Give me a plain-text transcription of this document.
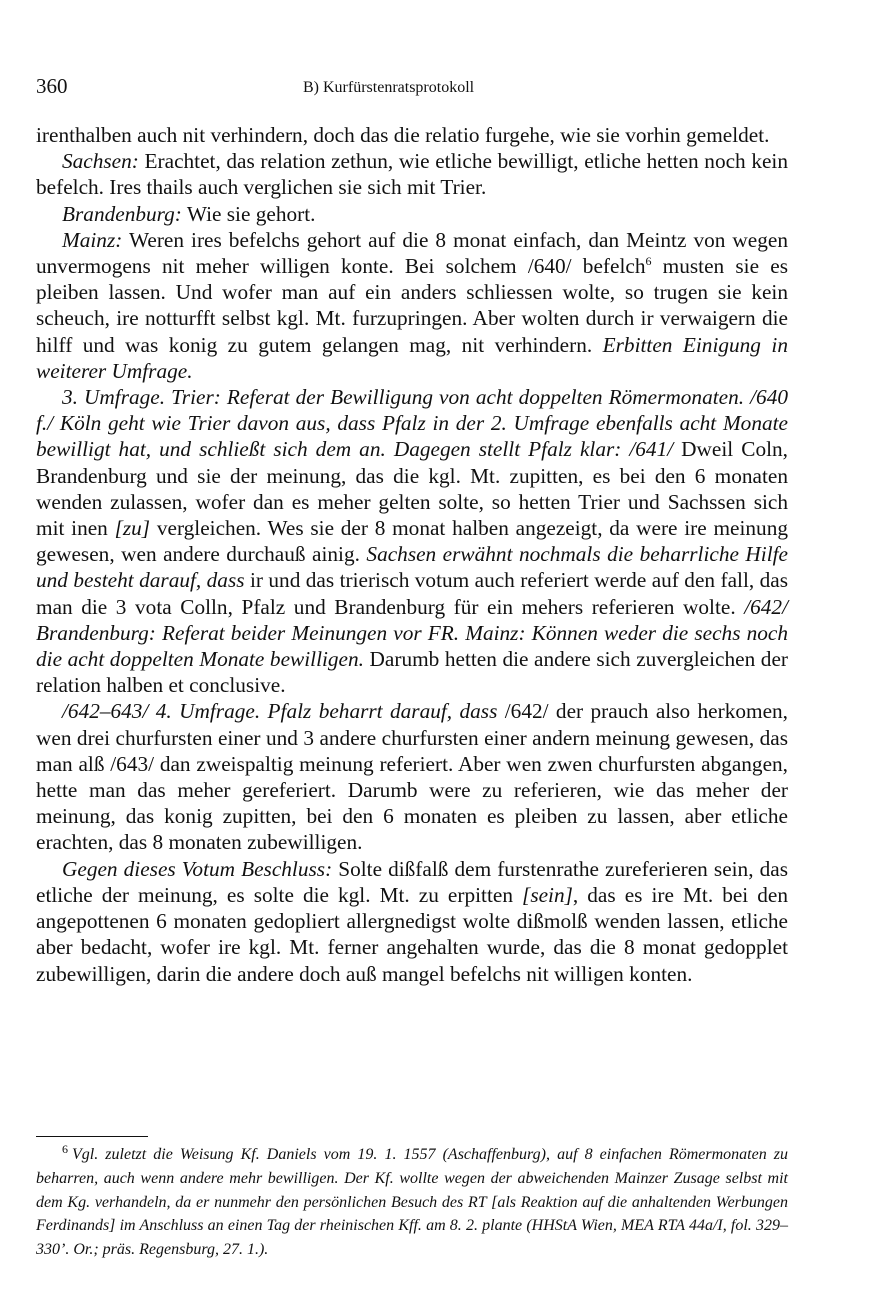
360	B) Kurfürstenratsprotokoll

irenthalben auch nit verhindern, doch das die relatio furgehe, wie sie vorhin gemeldet.

Sachsen: Erachtet, das relation zethun, wie etliche bewilligt, etliche hetten noch kein befelch. Ires thails auch verglichen sie sich mit Trier.

Brandenburg: Wie sie gehort.

Mainz: Weren ires befelchs gehort auf die 8 monat einfach, dan Meintz von wegen unvermogens nit meher willigen konte. Bei solchem /640/ befelch$^6$ musten sie es pleiben lassen. Und wofer man auf ein anders schliessen wolte, so trugen sie kein scheuch, ire notturfft selbst kgl. Mt. furzupringen. Aber wolten durch ir verwaigern die hilff und was konig zu gutem gelangen mag, nit verhindern. Erbitten Einigung in weiterer Umfrage.

3. Umfrage. Trier: Referat der Bewilligung von acht doppelten Römermonaten. /640 f./ Köln geht wie Trier davon aus, dass Pfalz in der 2. Umfrage ebenfalls acht Monate bewilligt hat, und schließt sich dem an. Dagegen stellt Pfalz klar: /641/ Dweil Coln, Brandenburg und sie der meinung, das die kgl. Mt. zupitten, es bei den 6 monaten wenden zulassen, wofer dan es meher gelten solte, so hetten Trier und Sachssen sich mit inen [zu] vergleichen. Wes sie der 8 monat halben angezeigt, da were ire meinung gewesen, wen andere durchauß ainig. Sachsen erwähnt nochmals die beharrliche Hilfe und besteht darauf, dass ir und das trierisch votum auch referiert werde auf den fall, das man die 3 vota Colln, Pfalz und Brandenburg für ein mehers referieren wolte. /642/ Brandenburg: Referat beider Meinungen vor FR. Mainz: Können weder die sechs noch die acht doppelten Monate bewilligen. Darumb hetten die andere sich zuvergleichen der relation halben et conclusive.

/642–643/ 4. Umfrage. Pfalz beharrt darauf, dass /642/ der prauch also herkomen, wen drei churfursten einer und 3 andere churfursten einer andern meinung gewesen, das man alß /643/ dan zweispaltig meinung referiert. Aber wen zwen churfursten abgangen, hette man das meher gereferiert. Darumb were zu referieren, wie das meher der meinung, das konig zupitten, bei den 6 monaten es pleiben zu lassen, aber etliche erachten, das 8 monaten zubewilligen.

Gegen dieses Votum Beschluss: Solte dißfalß dem furstenrathe zureferieren sein, das etliche der meinung, es solte die kgl. Mt. zu erpitten [sein], das es ire Mt. bei den angepottenen 6 monaten gedopliert allergnedigst wolte dißmolß wenden lassen, etliche aber bedacht, wofer ire kgl. Mt. ferner angehalten wurde, das die 8 monat gedopplet zubewilligen, darin die andere doch auß mangel befelchs nit willigen konten.

$^6$ Vgl. zuletzt die Weisung Kf. Daniels vom 19. 1. 1557 (Aschaffenburg), auf 8 einfachen Römermonaten zu beharren, auch wenn andere mehr bewilligen. Der Kf. wollte wegen der abweichenden Mainzer Zusage selbst mit dem Kg. verhandeln, da er nunmehr den persönlichen Besuch des RT [als Reaktion auf die anhaltenden Werbungen Ferdinands] im Anschluss an einen Tag der rheinischen Kff. am 8. 2. plante (HHStA Wien, MEA RTA 44a/I, fol. 329–330’. Or.; präs. Regensburg, 27. 1.).
